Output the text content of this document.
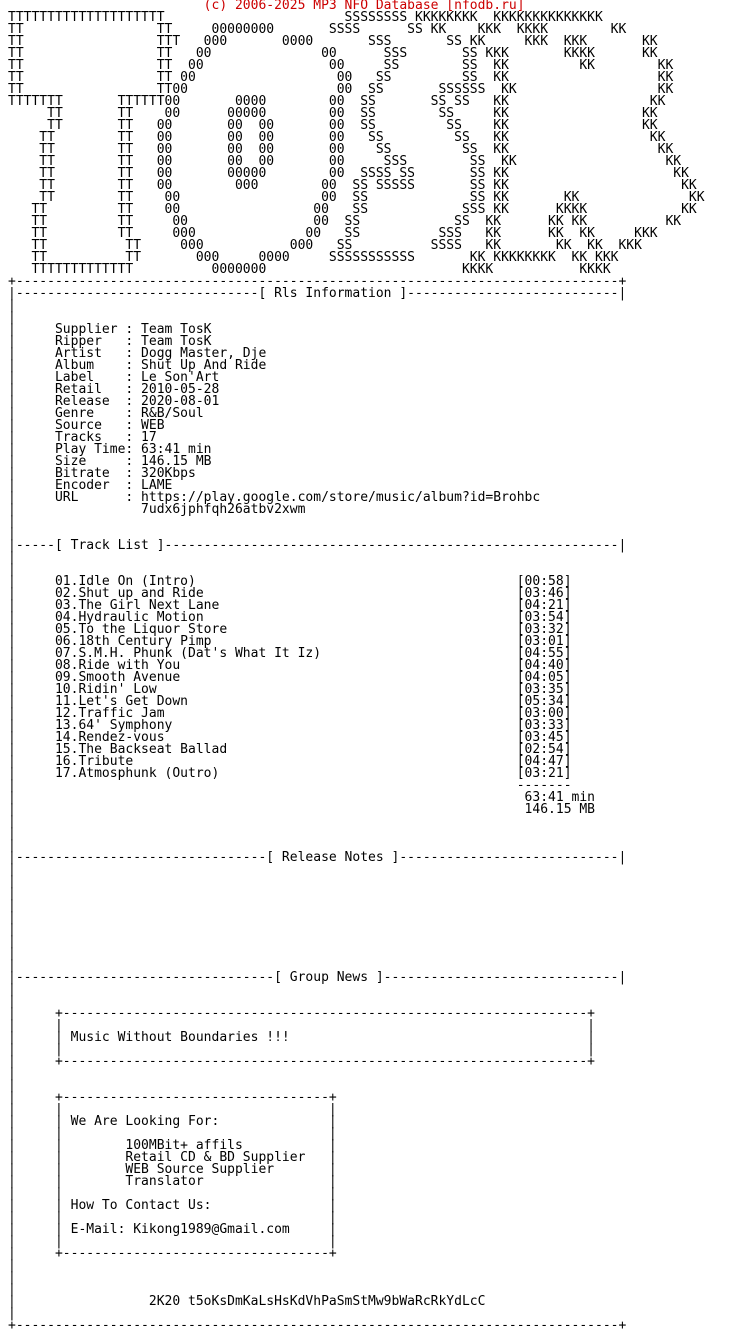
(c) 2006-2025 MP3 NFO Database [nfodb.ru]
TTTTTTTTTTTTTTTTTTTT                       SSSSSSSS KKKKKKKK  KKKKKKKKKKKKKK
TT                 TT     00000000       SSSS      SS KK    KKK  KKKK        KK
TT                 TTT   000       0000       SSS       SS KK     KKK  KKK       KK
TT                 TT   00              00      SSS       SS KKK       KKKK      KK
TT                 TT  00                00     SS        SS  KK         KK        KK
TT                 TT 00                  00   SS         SS  KK                   KK
TT                 TT00                   00  SS       SSSSSS  KK                  KK
TTTTTTT       TTTTTT00       0000        00  SS       SS SS   KK                  KK
TT       TT    00      00000        00  SS        SS     KK                 KK
TT       TT   00       00  00       00  SS         SS    KK                 KK
TT        TT   00       00  00       00   SS         SS   KK                  KK
TT        TT   00       00  00       00    SS         SS  KK                   KK
TT        TT   00       00  00       00     SSS        SS  KK                   KK
TT        TT   00       00000        00  SSSS SS       SS KK                     KK
TT        TT   00        000        00  SS SSSSS       SS KK                      KK
TT        TT    00                  00  SS             SS KK       KK              KK
TT         TT    00                 00   SS            SSS KK      KKKK            KK
TT         TT     00                00  SS            SS  KK      KK KK          KK
TT         TT     000              00   SS          SSS   KK      KK  KK     KKK
TT          TT     000           000   SS          SSSS   KK       KK  KK  KKK
TT          TT       000     0000     SSSSSSSSSSS       KK KKKKKKKK  KK KKK
TTTTTTTTTTTTT          0000000                         KKKK           KKKK
+-----------------------------------------------------------------------------+
|-------------------------------[ Rls Information ]---------------------------|
|
|
|     Supplier : Team TosK
|     Ripper   : Team TosK
|     Artist   : Dogg Master, Dje
|     Album    : Shut Up And Ride
|     Label    : Le Son'Art
|     Retail   : 2010-05-28
|     Release  : 2020-08-01
|     Genre    : R&B/Soul
|     Source   : WEB
|     Tracks   : 17
|     Play Time: 63:41 min
|     Size     : 146.15 MB
|     Bitrate  : 320Kbps
|     Encoder  : LAME
|     URL      : https://play.google.com/store/music/album?id=Brohbc
|                7udx6jphfqh26atbv2xwm
|
|
|-----[ Track List ]----------------------------------------------------------|
|
|
|     01.Idle On (Intro)                                         [00:58]
|     02.Shut up and Ride                                        [03:46]
|     03.The Girl Next Lane                                      [04:21]
|     04.Hydraulic Motion                                        [03:54]
|     05.To the Liquor Store                                     [03:32]
|     06.18th Century Pimp                                       [03:01]
|     07.S.M.H. Phunk (Dat's What It Iz)                         [04:55]
|     08.Ride with You                                           [04:40]
|     09.Smooth Avenue                                           [04:05]
|     10.Ridin' Low                                              [03:35]
|     11.Let's Get Down                                          [05:34]
|     12.Traffic Jam                                             [03:00]
|     13.64' Symphony                                            [03:33]
|     14.Rendez-vous                                             [03:45]
|     15.The Backseat Ballad                                     [02:54]
|     16.Tribute                                                 [04:47]
|     17.Atmosphunk (Outro)                                      [03:21]
|                                                                -------
|                                                                 63:41 min
|                                                                 146.15 MB
|
|
|
|--------------------------------[ Release Notes ]----------------------------|
|
|
|
|
|
|
|
|
|
|---------------------------------[ Group News ]------------------------------|
|
|
|     +-------------------------------------------------------------------+
|     |                                                                   |
|     | Music Without Boundaries !!!                                      |
|     |                                                                   |
|     +-------------------------------------------------------------------+
|
|
|     +----------------------------------+
|     |                                  |
|     | We Are Looking For:              |
|     |                                  |
|     |        100MBit+ affils           |
|     |        Retail CD & BD Supplier   |
|     |        WEB Source Supplier       |
|     |        Translator                |
|     |                                  |
|     | How To Contact Us:               |
|     |                                  |
|     | E-Mail: Kikong1989@Gmail.com     |
|     |                                  |
|     +----------------------------------+
|
|
|
|                 2K20 t5oKsDmKaLsHsKdVhPaSmStMw9bWaRcRkYdLcC
|
+-----------------------------------------------------------------------------+
